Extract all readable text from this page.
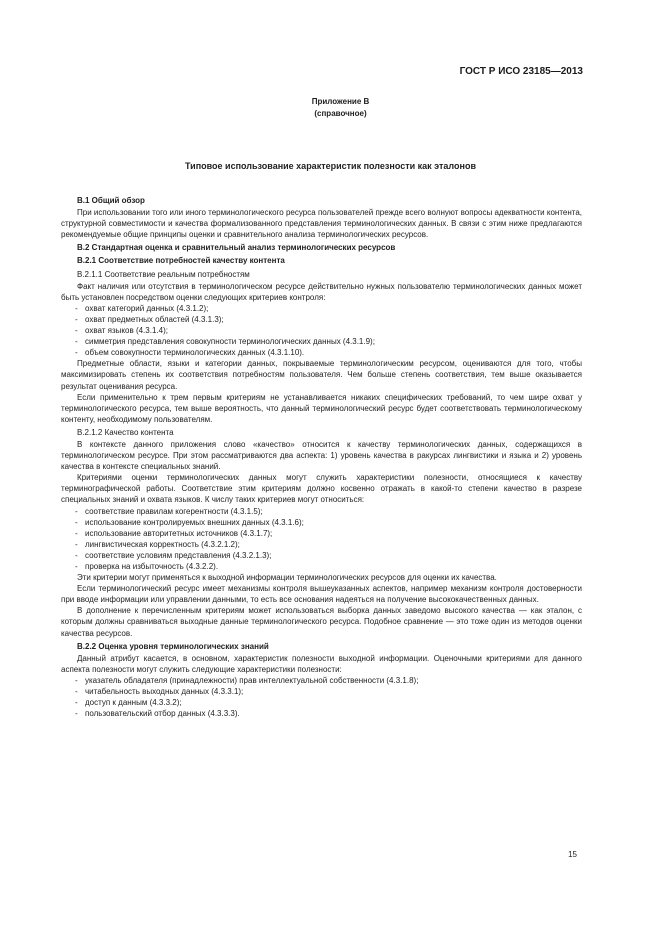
ГОСТ Р ИСО 23185—2013
Приложение В
(справочное)
Типовое использование характеристик полезности как эталонов

В.1 Общий обзор

При использовании того или иного терминологического ресурса пользователей прежде всего волнуют вопросы адекватности контента, структурной совместимости и качества формализованного представления терминологических данных. В связи с этим ниже предлагаются рекомендуемые общие принципы оценки и сравнительного анализа терминологических ресурсов.

В.2 Стандартная оценка и сравнительный анализ терминологических ресурсов

В.2.1 Соответствие потребностей качеству контента

В.2.1.1 Соответствие реальным потребностям

Факт наличия или отсутствия в терминологическом ресурсе действительно нужных пользователю терминологических данных может быть установлен посредством оценки следующих критериев контроля:

- охват категорий данных (4.3.1.2);
- охват предметных областей (4.3.1.3);
- охват языков (4.3.1.4);
- симметрия представления совокупности терминологических данных (4.3.1.9);
- объем совокупности терминологических данных (4.3.1.10).

Предметные области, языки и категории данных, покрываемые терминологическим ресурсом, оцениваются для того, чтобы максимизировать степень их соответствия потребностям пользователя. Чем больше степень соответствия, тем выше оказывается результат оценивания ресурса.

Если применительно к трем первым критериям не устанавливается никаких специфических требований, то чем шире охват у терминологического ресурса, тем выше вероятность, что данный терминологический ресурс будет соответствовать терминологическому контенту, необходимому пользователям.

В.2.1.2 Качество контента

В контексте данного приложения слово «качество» относится к качеству терминологических данных, содержащихся в терминологическом ресурсе. При этом рассматриваются два аспекта: 1) уровень качества в ракурсах лингвистики и языка и 2) уровень качества в контексте специальных знаний.

Критериями оценки терминологических данных могут служить характеристики полезности, относящиеся к качеству терминографической работы. Соответствие этим критериям должно косвенно отражать в какой-то степени качество в разрезе специальных знаний и охвата языков. К числу таких критериев могут относиться:

- соответствие правилам когерентности (4.3.1.5);
- использование контролируемых внешних данных (4.3.1.6);
- использование авторитетных источников (4.3.1.7);
- лингвистическая корректность (4.3.2.1.2);
- соответствие условиям представления (4.3.2.1.3);
- проверка на избыточность (4.3.2.2).

Эти критерии могут применяться к выходной информации терминологических ресурсов для оценки их качества.

Если терминологический ресурс имеет механизмы контроля вышеуказанных аспектов, например механизм контроля достоверности при вводе информации или управлении данными, то есть все основания надеяться на получение высококачественных данных.

В дополнение к перечисленным критериям может использоваться выборка данных заведомо высокого качества — как эталон, с которым должны сравниваться выходные данные терминологического ресурса. Подобное сравнение — это тоже один из методов оценки качества ресурсов.

В.2.2 Оценка уровня терминологических знаний

Данный атрибут касается, в основном, характеристик полезности выходной информации. Оценочными критериями для данного аспекта полезности могут служить следующие характеристики полезности:

- указатель обладателя (принадлежности) прав интеллектуальной собственности (4.3.1.8);
- читабельность выходных данных (4.3.3.1);
- доступ к данным (4.3.3.2);
- пользовательский отбор данных (4.3.3.3).
15
